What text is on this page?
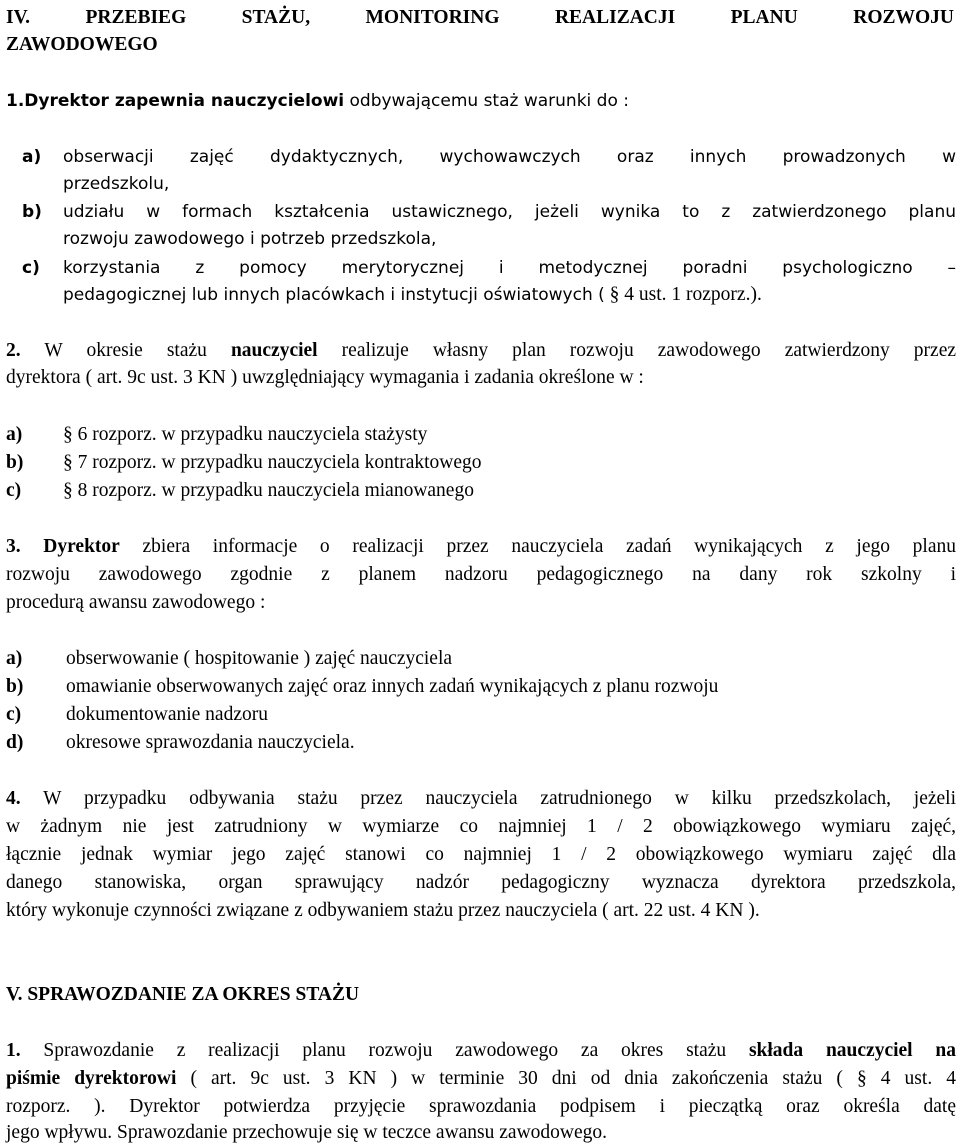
IV. PRZEBIEG STAŻU, MONITORING REALIZACJI PLANU ROZWOJU
ZAWODOWEGO
1.Dyrektor zapewnia nauczycielowi odbywającemu staż warunki do :
a) obserwacji zajęć dydaktycznych, wychowawczych oraz innych prowadzonych w
przedszkolu,
b) udziału w formach kształcenia ustawicznego, jeżeli wynika to z zatwierdzonego planu
rozwoju zawodowego i potrzeb przedszkola,
c) korzystania z pomocy merytorycznej i metodycznej poradni psychologiczno –
pedagogicznej lub innych placówkach i instytucji oświatowych ( § 4 ust. 1 rozporz.).
2. W okresie stażu nauczyciel realizuje własny plan rozwoju zawodowego zatwierdzony przez
dyrektora ( art. 9c ust. 3 KN ) uwzględniający wymagania i zadania określone w :
a) § 6 rozporz. w przypadku nauczyciela stażysty
b) § 7 rozporz. w przypadku nauczyciela kontraktowego
c) § 8 rozporz. w przypadku nauczyciela mianowanego
3. Dyrektor zbiera informacje o realizacji przez nauczyciela zadań wynikających z jego planu
rozwoju zawodowego zgodnie z planem nadzoru pedagogicznego na dany rok szkolny i
procedurą awansu zawodowego :
a) obserwowanie ( hospitowanie ) zajęć nauczyciela
b) omawianie obserwowanych zajęć oraz innych zadań wynikających z planu rozwoju
c) dokumentowanie nadzoru
d) okresowe sprawozdania nauczyciela.
4. W przypadku odbywania stażu przez nauczyciela zatrudnionego w kilku przedszkolach, jeżeli
w żadnym nie jest zatrudniony w wymiarze co najmniej 1 / 2 obowiązkowego wymiaru zajęć,
łącznie jednak wymiar jego zajęć stanowi co najmniej 1 / 2 obowiązkowego wymiaru zajęć dla
danego stanowiska, organ sprawujący nadzór pedagogiczny wyznacza dyrektora przedszkola,
który wykonuje czynności związane z odbywaniem stażu przez nauczyciela ( art. 22 ust. 4 KN ).
V. SPRAWOZDANIE ZA OKRES STAŻU
1. Sprawozdanie z realizacji planu rozwoju zawodowego za okres stażu składa nauczyciel na
piśmie dyrektorowi ( art. 9c ust. 3 KN ) w terminie 30 dni od dnia zakończenia stażu ( § 4 ust. 4
rozporz. ). Dyrektor potwierdza przyjęcie sprawozdania podpisem i pieczątką oraz określa datę
jego wpływu. Sprawozdanie przechowuje się w teczce awansu zawodowego.
